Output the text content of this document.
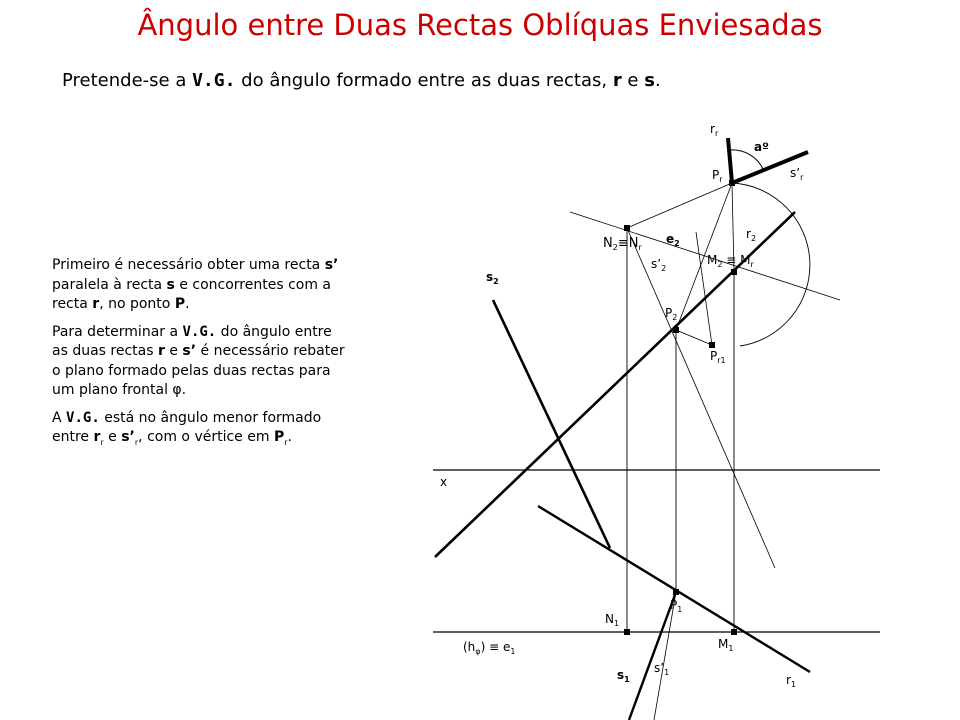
Ângulo entre Duas Rectas Oblíquas Enviesadas
Pretende-se a V.G. do ângulo formado entre as duas rectas, r e s.

Primeiro é necessário obter uma recta s’ paralela à recta s e concorrentes com a recta r, no ponto P.

Para determinar a V.G. do ângulo entre as duas rectas r e s’ é necessário rebater o plano formado pelas duas rectas para um plano frontal φ.

A V.G. está no ângulo menor formado entre $r_r$ e $s’_r$, com o vértice em $P_r$.

x
$(h_\varphi) \equiv e_1$
$r_r$
aº
$P_r$	$s’_r$
$N_2\equiv N_r$
$e_2$
$r_2$
$s’_2$
$M_2 \equiv M_r$
$s_2$
$P_2$
$P_{r1}$
$N_1$
$P_1$
$M_1$
$s_1$
$s’_1$
$r_1$
